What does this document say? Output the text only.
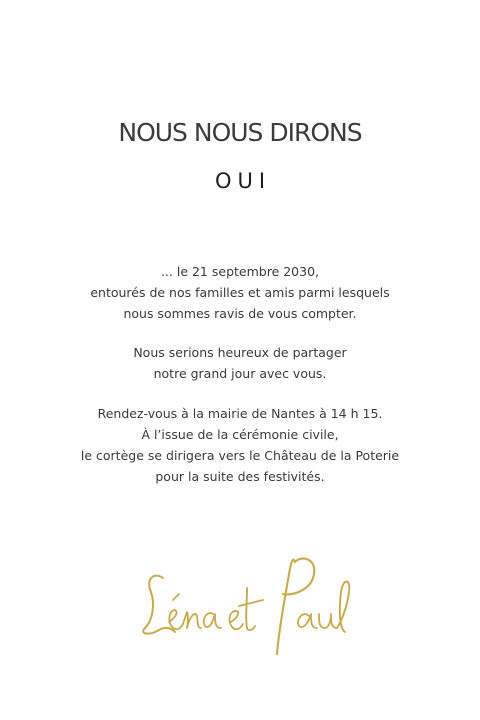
NOUS NOUS DIRONS
OUI
... le 21 septembre 2030,
entourés de nos familles et amis parmi lesquels
nous sommes ravis de vous compter.
Nous serions heureux de partager
notre grand jour avec vous.
Rendez-vous à la mairie de Nantes à 14 h 15.
À l’issue de la cérémonie civile,
le cortège se dirigera vers le Château de la Poterie
pour la suite des festivités.
